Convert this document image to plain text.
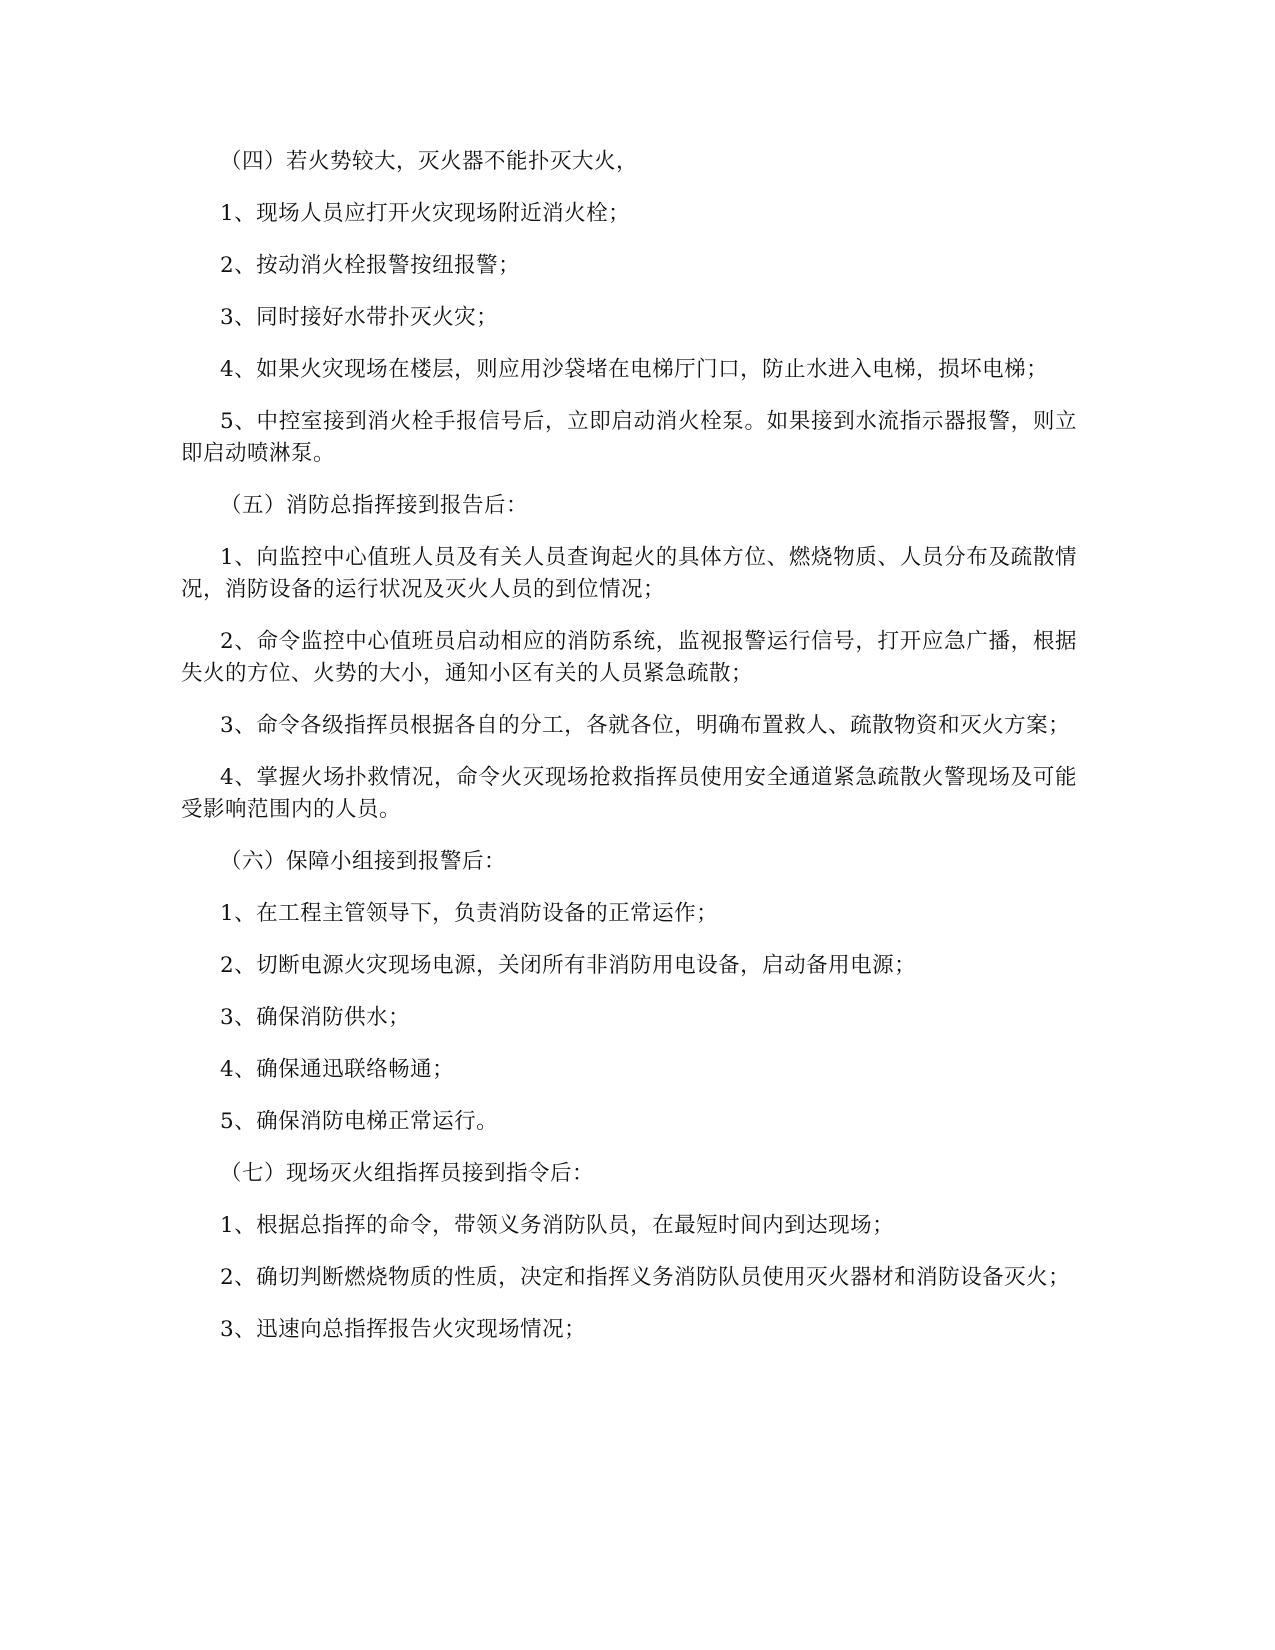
（四）若火势较大，灭火器不能扑灭大火，

1、现场人员应打开火灾现场附近消火栓；

2、按动消火栓报警按纽报警；

3、同时接好水带扑灭火灾；

4、如果火灾现场在楼层，则应用沙袋堵在电梯厅门口，防止水进入电梯，损坏电梯；

5、中控室接到消火栓手报信号后，立即启动消火栓泵。如果接到水流指示器报警，则立即启动喷淋泵。

（五）消防总指挥接到报告后：

1、向监控中心值班人员及有关人员查询起火的具体方位、燃烧物质、人员分布及疏散情况，消防设备的运行状况及灭火人员的到位情况；

2、命令监控中心值班员启动相应的消防系统，监视报警运行信号，打开应急广播，根据失火的方位、火势的大小，通知小区有关的人员紧急疏散；

3、命令各级指挥员根据各自的分工，各就各位，明确布置救人、疏散物资和灭火方案；

4、掌握火场扑救情况，命令火灭现场抢救指挥员使用安全通道紧急疏散火警现场及可能受影响范围内的人员。

（六）保障小组接到报警后：

1、在工程主管领导下，负责消防设备的正常运作；

2、切断电源火灾现场电源，关闭所有非消防用电设备，启动备用电源；

3、确保消防供水；

4、确保通迅联络畅通；

5、确保消防电梯正常运行。

（七）现场灭火组指挥员接到指令后：

1、根据总指挥的命令，带领义务消防队员，在最短时间内到达现场；

2、确切判断燃烧物质的性质，决定和指挥义务消防队员使用灭火器材和消防设备灭火；

3、迅速向总指挥报告火灾现场情况；
